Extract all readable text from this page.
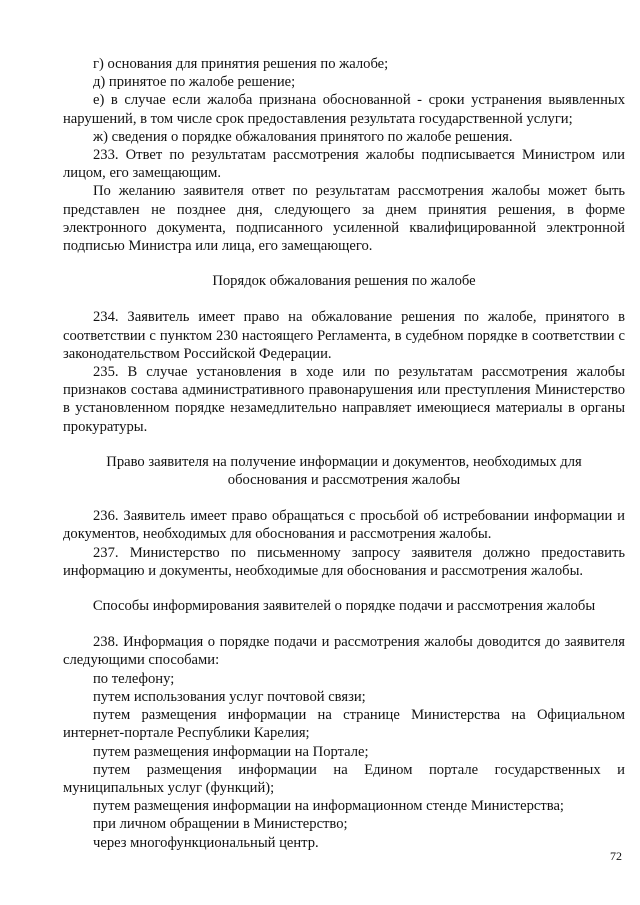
г) основания для принятия решения по жалобе;

д) принятое по жалобе решение;

е) в случае если жалоба признана обоснованной - сроки устранения выявленных нарушений, в том числе срок предоставления результата государственной услуги;

ж) сведения о порядке обжалования принятого по жалобе решения.

233. Ответ по результатам рассмотрения жалобы подписывается Министром или лицом, его замещающим.

По желанию заявителя ответ по результатам рассмотрения жалобы может быть представлен не позднее дня, следующего за днем принятия решения, в форме электронного документа, подписанного усиленной квалифицированной электронной подписью Министра или лица, его замещающего.

Порядок обжалования решения по жалобе

234. Заявитель имеет право на обжалование решения по жалобе, принятого в соответствии с пунктом 230 настоящего Регламента, в судебном порядке в соответствии с законодательством Российской Федерации.

235. В случае установления в ходе или по результатам рассмотрения жалобы признаков состава административного правонарушения или преступления Министерство в установленном порядке незамедлительно направляет имеющиеся материалы в органы прокуратуры.

Право заявителя на получение информации и документов, необходимых для

обоснования и рассмотрения жалобы

236. Заявитель имеет право обращаться с просьбой об истребовании информации и документов, необходимых для обоснования и рассмотрения жалобы.

237. Министерство по письменному запросу заявителя должно предоставить информацию и документы, необходимые для обоснования и рассмотрения жалобы.

Способы информирования заявителей о порядке подачи и рассмотрения жалобы

238. Информация о порядке подачи и рассмотрения жалобы доводится до заявителя следующими способами:

по телефону;

путем использования услуг почтовой связи;

путем размещения информации на странице Министерства на Официальном интернет-портале Республики Карелия;

путем размещения информации на Портале;

путем размещения информации на Едином портале государственных и муниципальных услуг (функций);

путем размещения информации на информационном стенде Министерства;

при личном обращении в Министерство;

через многофункциональный центр.

72
